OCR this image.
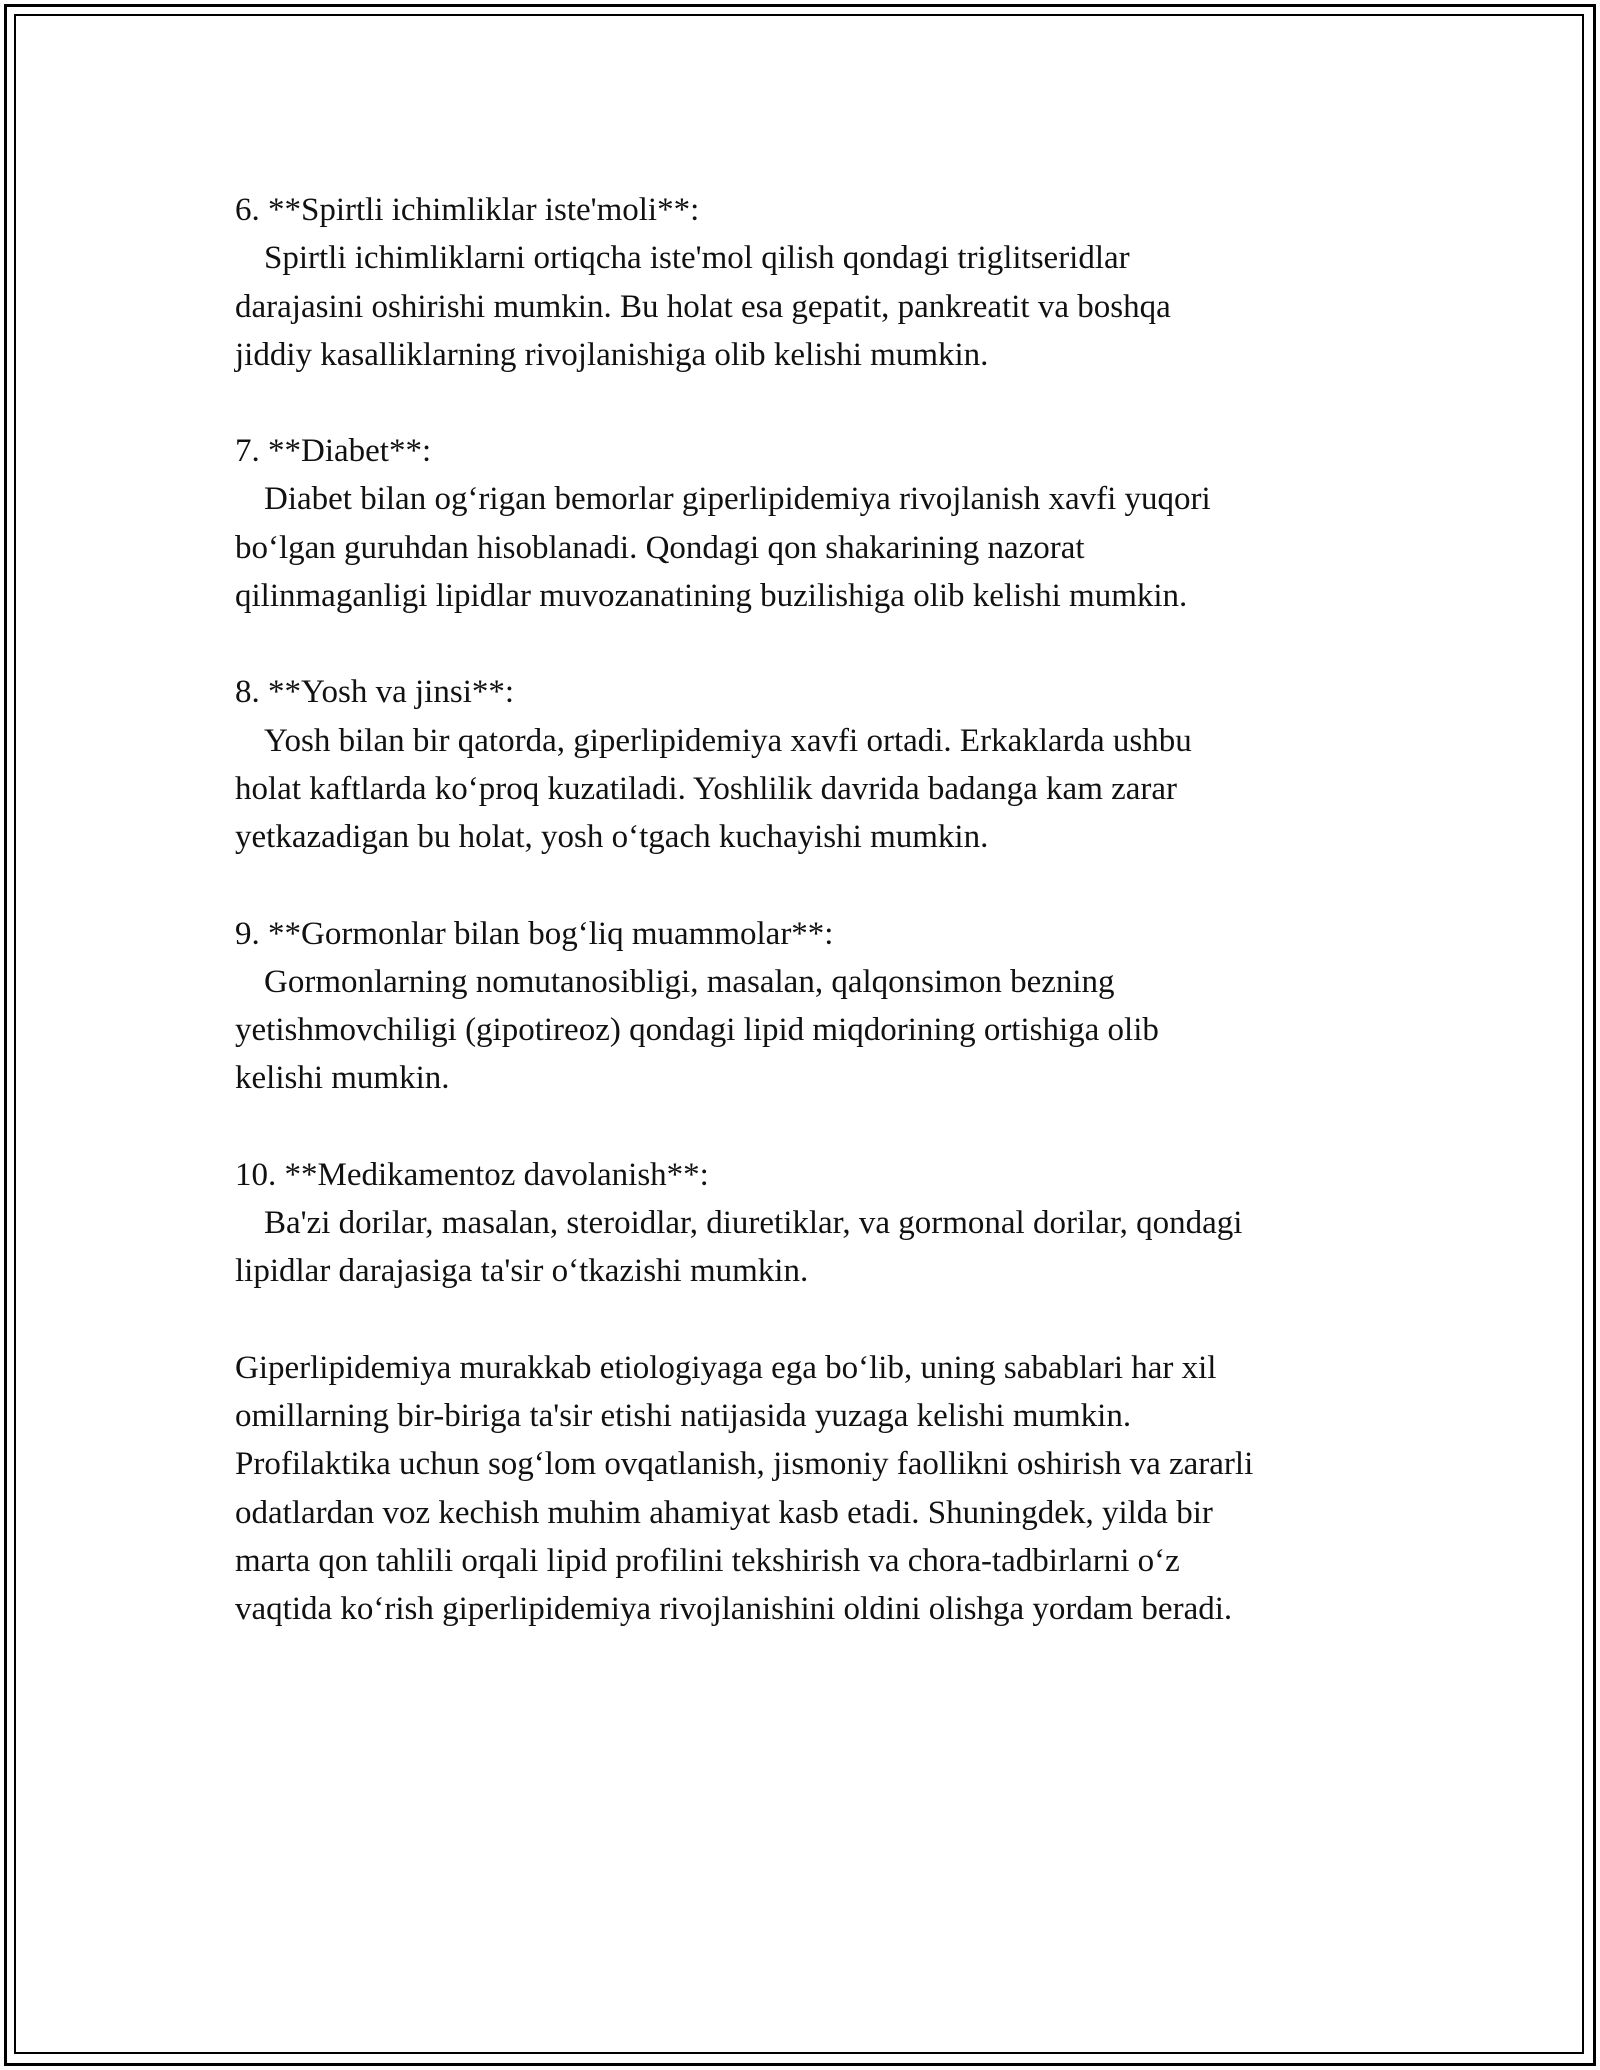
6. **Spirtli ichimliklar iste'moli**:

Spirtli ichimliklarni ortiqcha iste'mol qilish qondagi triglitseridlar

darajasini oshirishi mumkin. Bu holat esa gepatit, pankreatit va boshqa

jiddiy kasalliklarning rivojlanishiga olib kelishi mumkin.

7. **Diabet**:

Diabet bilan og‘rigan bemorlar giperlipidemiya rivojlanish xavfi yuqori

bo‘lgan guruhdan hisoblanadi. Qondagi qon shakarining nazorat

qilinmaganligi lipidlar muvozanatining buzilishiga olib kelishi mumkin.

8. **Yosh va jinsi**:

Yosh bilan bir qatorda, giperlipidemiya xavfi ortadi. Erkaklarda ushbu

holat kaftlarda ko‘proq kuzatiladi. Yoshlilik davrida badanga kam zarar

yetkazadigan bu holat, yosh o‘tgach kuchayishi mumkin.

9. **Gormonlar bilan bog‘liq muammolar**:

Gormonlarning nomutanosibligi, masalan, qalqonsimon bezning

yetishmovchiligi (gipotireoz) qondagi lipid miqdorining ortishiga olib

kelishi mumkin.

10. **Medikamentoz davolanish**:

Ba'zi dorilar, masalan, steroidlar, diuretiklar, va gormonal dorilar, qondagi

lipidlar darajasiga ta'sir o‘tkazishi mumkin.

Giperlipidemiya murakkab etiologiyaga ega bo‘lib, uning sabablari har xil

omillarning bir-biriga ta'sir etishi natijasida yuzaga kelishi mumkin.

Profilaktika uchun sog‘lom ovqatlanish, jismoniy faollikni oshirish va zararli

odatlardan voz kechish muhim ahamiyat kasb etadi. Shuningdek, yilda bir

marta qon tahlili orqali lipid profilini tekshirish va chora-tadbirlarni o‘z

vaqtida ko‘rish giperlipidemiya rivojlanishini oldini olishga yordam beradi.
